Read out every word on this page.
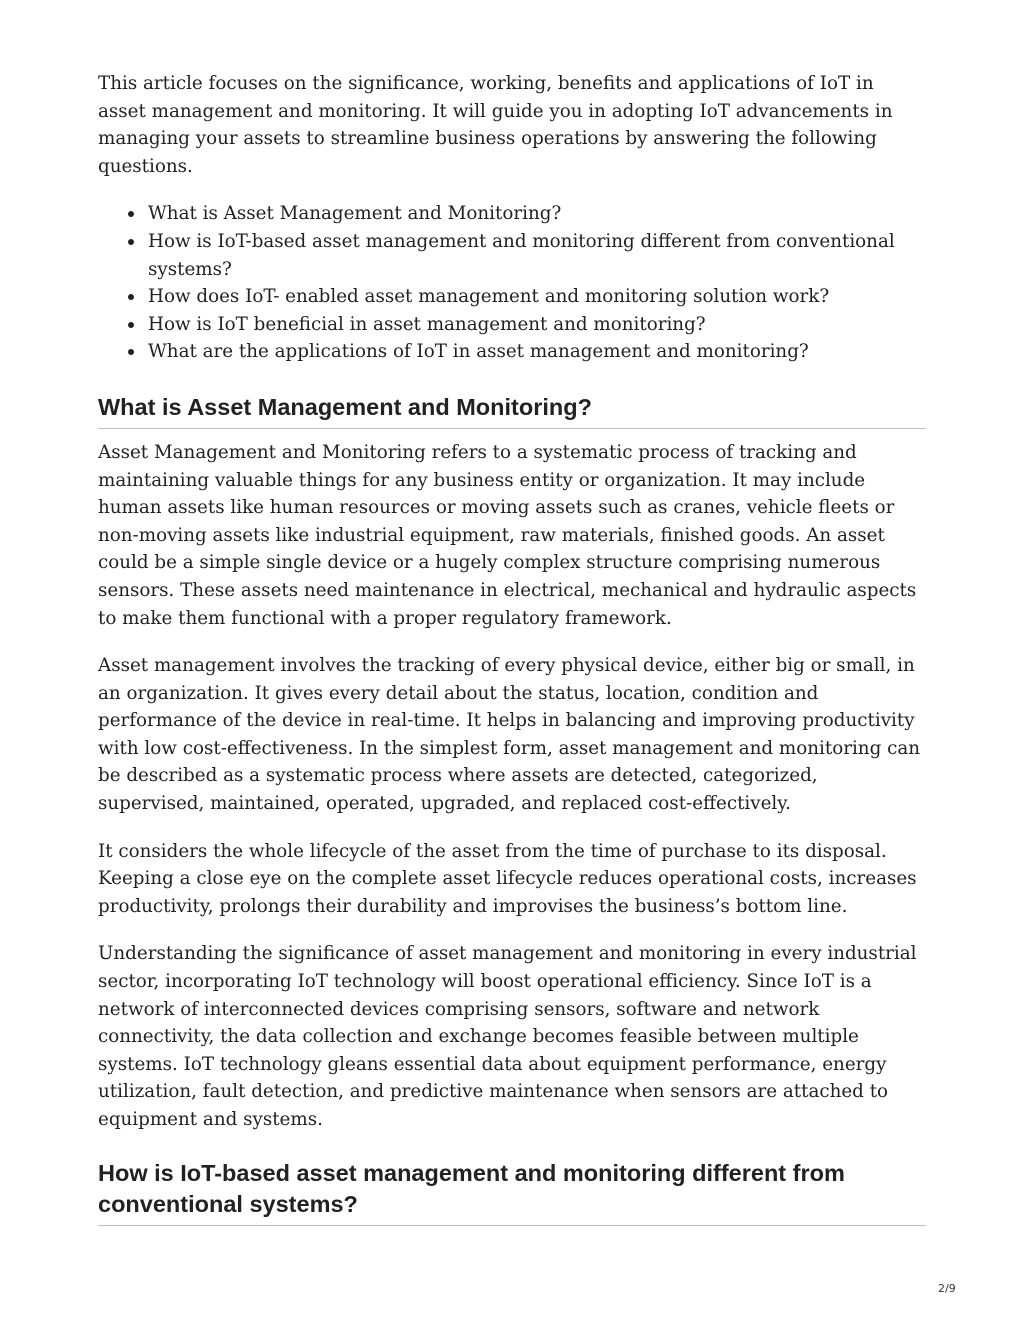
This article focuses on the significance, working, benefits and applications of IoT in asset management and monitoring. It will guide you in adopting IoT advancements in managing your assets to streamline business operations by answering the following questions.

What is Asset Management and Monitoring?
How is IoT-based asset management and monitoring different from conventional systems?
How does IoT- enabled asset management and monitoring solution work?
How is IoT beneficial in asset management and monitoring?
What are the applications of IoT in asset management and monitoring?
What is Asset Management and Monitoring?

Asset Management and Monitoring refers to a systematic process of tracking and maintaining valuable things for any business entity or organization. It may include human assets like human resources or moving assets such as cranes, vehicle fleets or non-moving assets like industrial equipment, raw materials, finished goods. An asset could be a simple single device or a hugely complex structure comprising numerous sensors. These assets need maintenance in electrical, mechanical and hydraulic aspects to make them functional with a proper regulatory framework.

Asset management involves the tracking of every physical device, either big or small, in an organization. It gives every detail about the status, location, condition and performance of the device in real-time. It helps in balancing and improving productivity with low cost-effectiveness. In the simplest form, asset management and monitoring can be described as a systematic process where assets are detected, categorized, supervised, maintained, operated, upgraded, and replaced cost-effectively.

It considers the whole lifecycle of the asset from the time of purchase to its disposal. Keeping a close eye on the complete asset lifecycle reduces operational costs, increases productivity, prolongs their durability and improvises the business’s bottom line.

Understanding the significance of asset management and monitoring in every industrial sector, incorporating IoT technology will boost operational efficiency. Since IoT is a network of interconnected devices comprising sensors, software and network connectivity, the data collection and exchange becomes feasible between multiple systems. IoT technology gleans essential data about equipment performance, energy utilization, fault detection, and predictive maintenance when sensors are attached to equipment and systems.

How is IoT-based asset management and monitoring different from conventional systems?
2/9
